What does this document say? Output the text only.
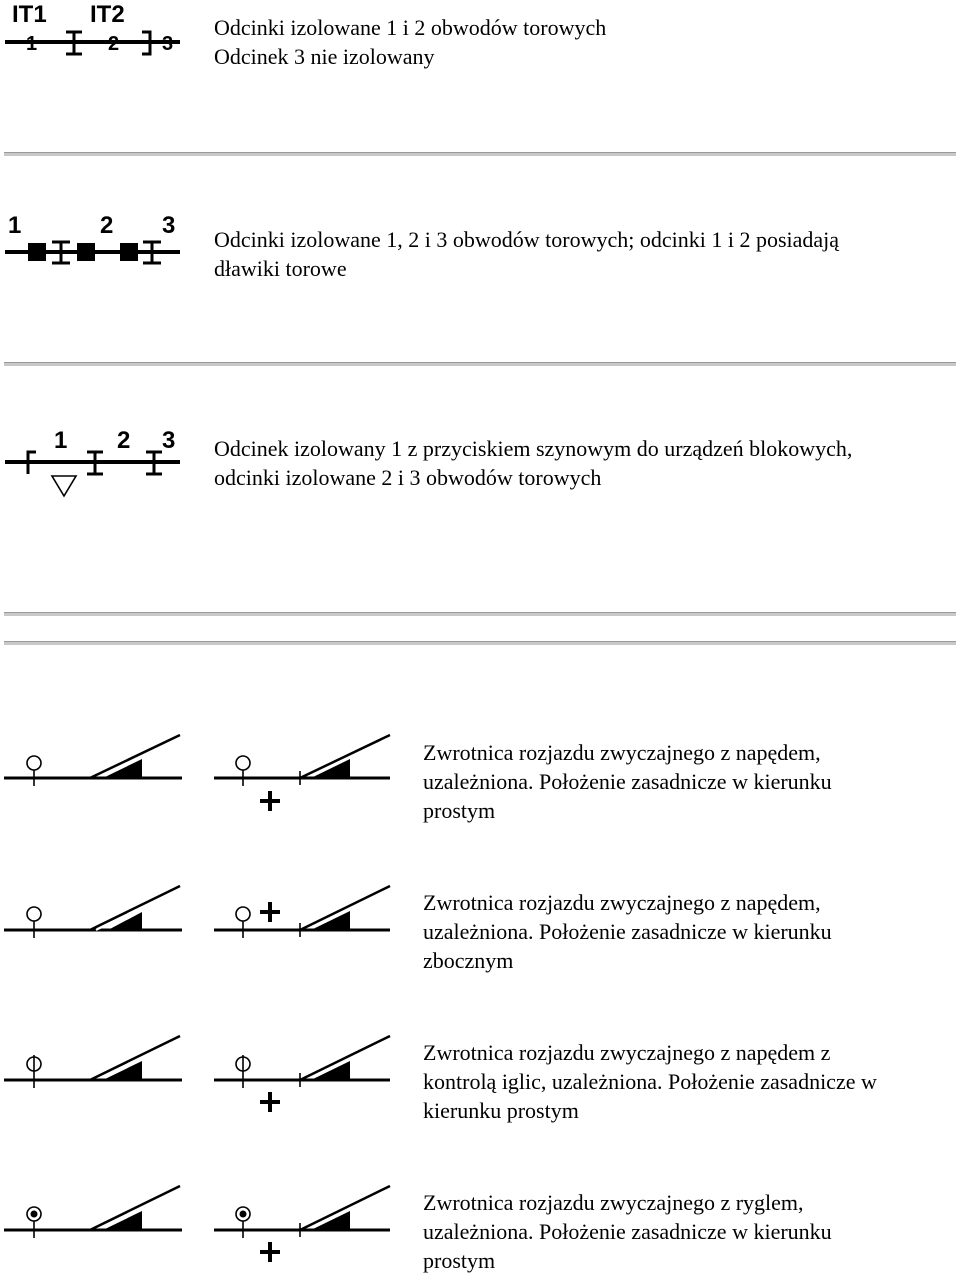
IT1 IT2
1	2 3
Odcinki izolowane 1 i 2 obwodów torowych
Odcinek 3 nie izolowany
1	2 3
Odcinki izolowane 1, 2 i 3 obwodów torowych; odcinki 1 i 2 posiadają
dławiki torowe
1 2 3 Odcinek izolowany 1 z przyciskiem szynowym do urządzeń blokowych,
odcinki izolowane 2 i 3 obwodów torowych
Zwrotnica rozjazdu zwyczajnego z napędem,
uzależniona. Położenie zasadnicze w kierunku
prostym
Zwrotnica rozjazdu zwyczajnego z napędem,
uzależniona. Położenie zasadnicze w kierunku
zbocznym
Zwrotnica rozjazdu zwyczajnego z napędem z
kontrolą iglic, uzależniona. Położenie zasadnicze w
kierunku prostym
Zwrotnica rozjazdu zwyczajnego z ryglem,
uzależniona. Położenie zasadnicze w kierunku
prostym
